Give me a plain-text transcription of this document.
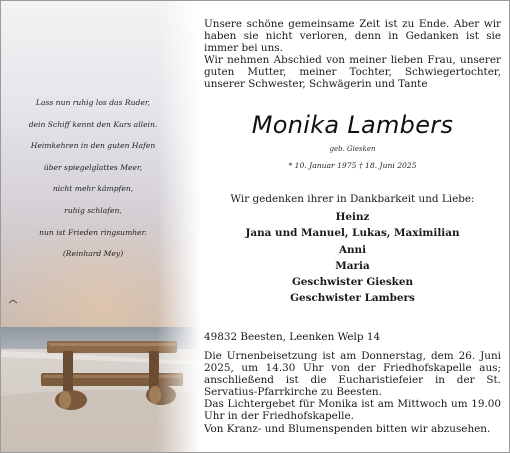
Lass nun ruhig los das Ruder,
dein Schiff kennt den Kurs allein.
Heimkehren in den guten Hafen
über spiegelglattes Meer,
nicht mehr kämpfen,
ruhig schlafen,
nun ist Frieden ringsumher.
(Reinhard Mey)

Unsere schöne gemeinsame Zeit ist zu Ende. Aber wir haben sie nicht verloren, denn in Gedanken ist sie immer bei uns.

Wir nehmen Abschied von meiner lieben Frau, unserer guten Mutter, meiner Tochter, Schwiegertochter, unserer Schwester, Schwägerin und Tante

Monika Lambers
geb. Giesken
* 10. Januar 1975 † 18. Juni 2025
Wir gedenken ihrer in Dankbarkeit und Liebe:
Heinz
Jana und Manuel, Lukas, Maximilian
Anni
Maria
Geschwister Giesken
Geschwister Lambers
49832 Beesten, Leenken Welp 14

Die Urnenbeisetzung ist am Donnerstag, dem 26. Juni 2025, um 14.30 Uhr von der Friedhofskapelle aus; anschließend ist die Eucharistiefeier in der St. Servatius-Pfarrkirche zu Beesten.

Das Lichtergebet für Monika ist am Mittwoch um 19.00 Uhr in der Friedhofskapelle.

Von Kranz- und Blumenspenden bitten wir abzusehen.
